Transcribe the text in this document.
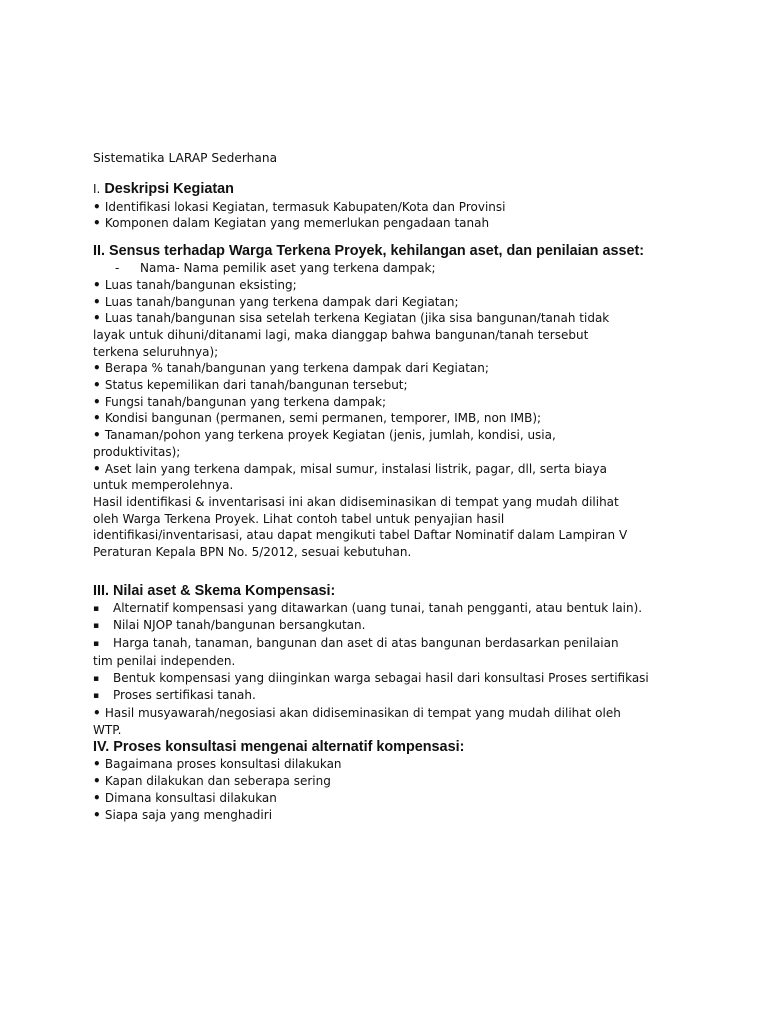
Sistematika LARAP Sederhana
I. Deskripsi Kegiatan
• Identifikasi lokasi Kegiatan, termasuk Kabupaten/Kota dan Provinsi
• Komponen dalam Kegiatan yang memerlukan pengadaan tanah
II. Sensus terhadap Warga Terkena Proyek, kehilangan aset, dan penilaian asset:
- Nama- Nama pemilik aset yang terkena dampak;
• Luas tanah/bangunan eksisting;
• Luas tanah/bangunan yang terkena dampak dari Kegiatan;
• Luas tanah/bangunan sisa setelah terkena Kegiatan (jika sisa bangunan/tanah tidak
layak untuk dihuni/ditanami lagi, maka dianggap bahwa bangunan/tanah tersebut
terkena seluruhnya);
• Berapa % tanah/bangunan yang terkena dampak dari Kegiatan;
• Status kepemilikan dari tanah/bangunan tersebut;
• Fungsi tanah/bangunan yang terkena dampak;
• Kondisi bangunan (permanen, semi permanen, temporer, IMB, non IMB);
• Tanaman/pohon yang terkena proyek Kegiatan (jenis, jumlah, kondisi, usia,
produktivitas);
• Aset lain yang terkena dampak, misal sumur, instalasi listrik, pagar, dll, serta biaya
untuk memperolehnya.
Hasil identifikasi & inventarisasi ini akan didiseminasikan di tempat yang mudah dilihat
oleh Warga Terkena Proyek. Lihat contoh tabel untuk penyajian hasil
identifikasi/inventarisasi, atau dapat mengikuti tabel Daftar Nominatif dalam Lampiran V
Peraturan Kepala BPN No. 5/2012, sesuai kebutuhan.
III. Nilai aset & Skema Kompensasi:
▪ Alternatif kompensasi yang ditawarkan (uang tunai, tanah pengganti, atau bentuk lain).
▪ Nilai NJOP tanah/bangunan bersangkutan.
▪ Harga tanah, tanaman, bangunan dan aset di atas bangunan berdasarkan penilaian
tim penilai independen.
▪ Bentuk kompensasi yang diinginkan warga sebagai hasil dari konsultasi Proses sertifikasi
▪ Proses sertifikasi tanah.
• Hasil musyawarah/negosiasi akan didiseminasikan di tempat yang mudah dilihat oleh
WTP.
IV. Proses konsultasi mengenai alternatif kompensasi:
• Bagaimana proses konsultasi dilakukan
• Kapan dilakukan dan seberapa sering
• Dimana konsultasi dilakukan
• Siapa saja yang menghadiri
